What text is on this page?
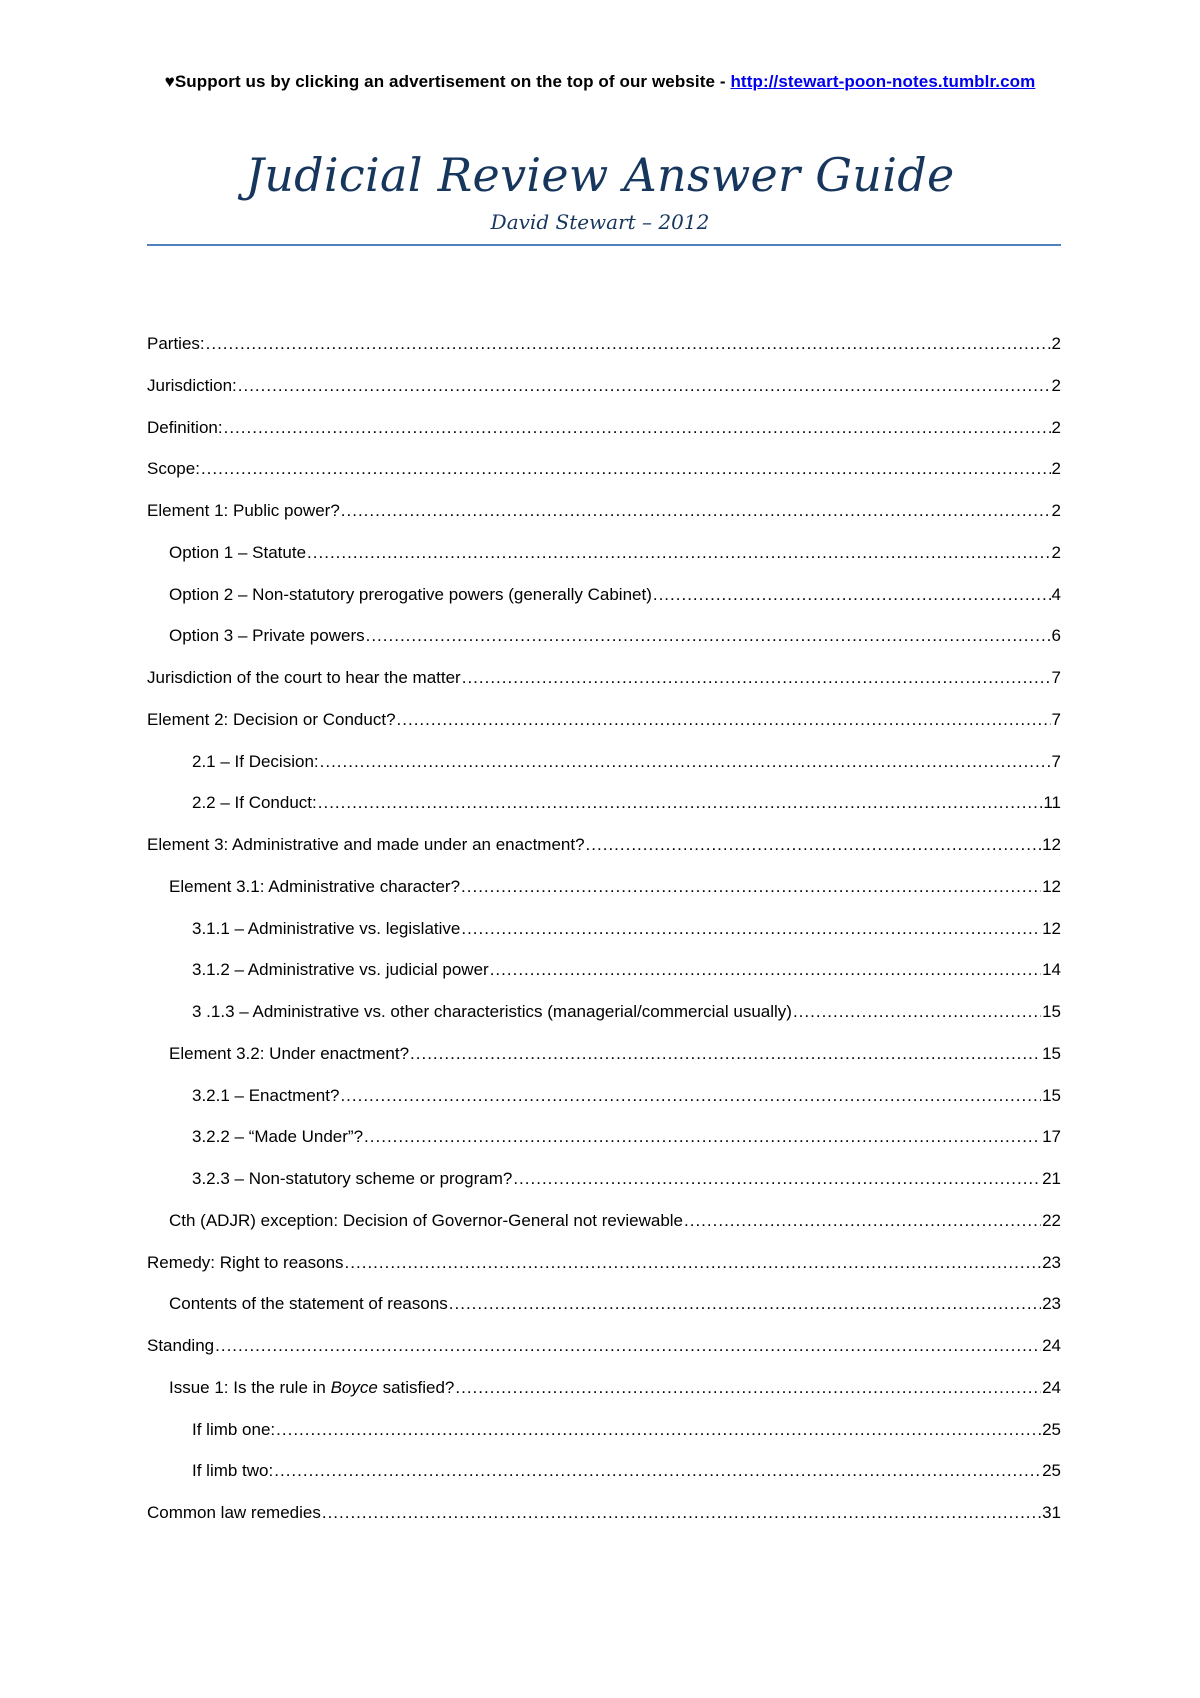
♥Support us by clicking an advertisement on the top of our website - http://stewart-poon-notes.tumblr.com
Judicial Review Answer Guide
David Stewart – 2012
Parties: .....	2
Jurisdiction: .....	2
Definition: .....	2
Scope: .....	2
Element 1: Public power? .....	2
Option 1 – Statute .....	2
Option 2 – Non-statutory prerogative powers (generally Cabinet) .....	4
Option 3 – Private powers .....	6
Jurisdiction of the court to hear the matter .....	7
Element 2: Decision or Conduct? .....	7
2.1 – If Decision: .....	7
2.2 – If Conduct: .....	11
Element 3: Administrative and made under an enactment? .....	12
Element 3.1: Administrative character? .....	12
3.1.1 – Administrative vs. legislative .....	12
3.1.2 – Administrative vs. judicial power .....	14
3 .1.3 – Administrative vs. other characteristics (managerial/commercial usually) .....	15
Element 3.2: Under enactment? .....	15
3.2.1 – Enactment? .....	15
3.2.2 – “Made Under”? .....	17
3.2.3 – Non-statutory scheme or program? .....	21
Cth (ADJR) exception: Decision of Governor-General not reviewable .....	22
Remedy: Right to reasons .....	23
Contents of the statement of reasons .....	23
Standing .....	24
Issue 1: Is the rule in Boyce satisfied? .....	24
If limb one: .....	25
If limb two: .....	25
Common law remedies .....	31
